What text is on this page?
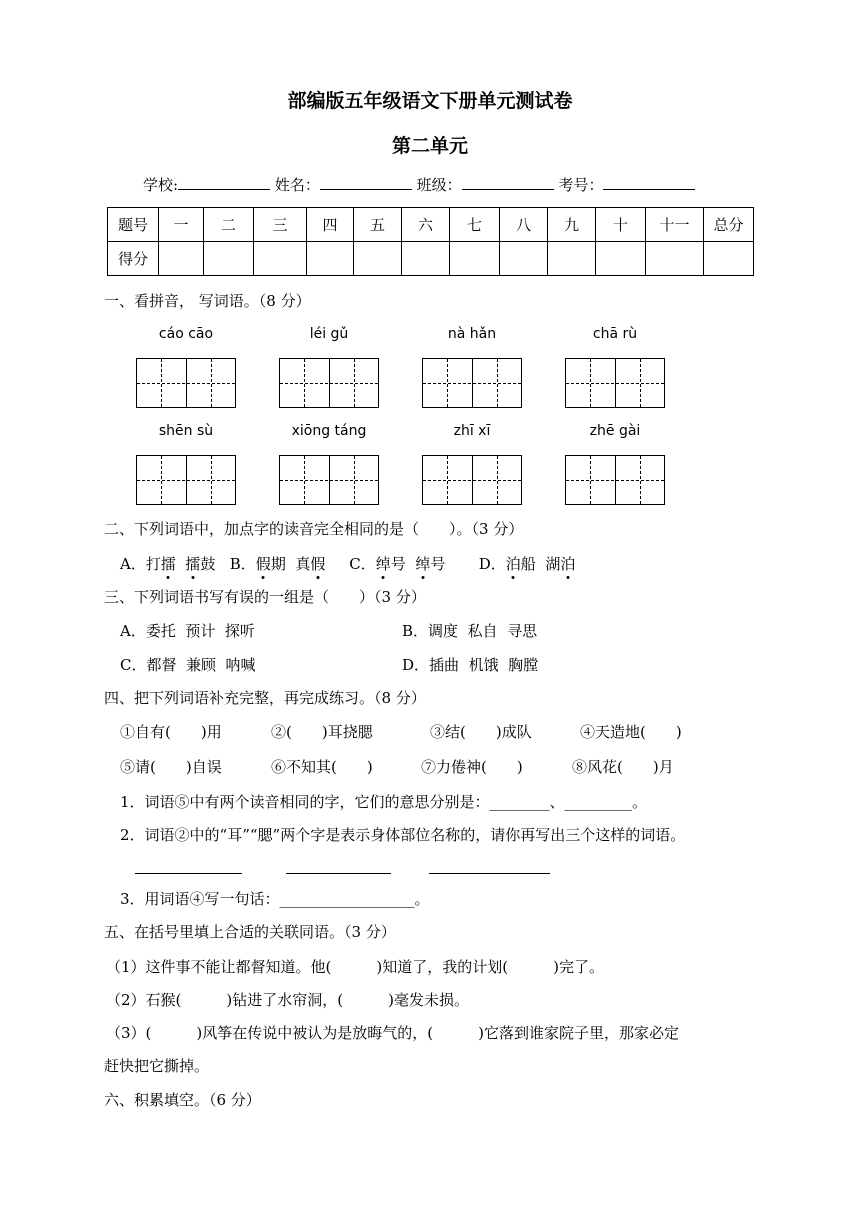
部编版五年级语文下册单元测试卷
第二单元
学校:	姓名：	班级：	考号：
题号	一	二	三	四	五	六	七	八	九	十	十一	总分
得分												
一、看拼音， 写词语。（8 分）
cáo cāo	léi gǔ	nà hǎn	chā rù
shēn sù	xiōng táng	zhī xī	zhē gài
二、下列词语中，加点字的读音完全相同的是（　　）。（3 分）
A．打擂 擂鼓 B．假期 真假 C．绰号 绰号 D．泊船 湖泊
三、下列词语书写有误的一组是（　　）（3 分）
A．委托  预计  探听	B．调度  私自  寻思
C．都督  兼顾  呐喊	D．插曲  机饿  胸膛
四、把下列词语补充完整，再完成练习。（8 分）
①自有(　　)用	②(　　)耳挠腮	③结(　　)成队	④天造地(　　)
⑤请(　　)自误	⑥不知其(　　)	⑦力倦神(　　)	⑧风花(　　)月
1．词语⑤中有两个读音相同的字，它们的意思分别是：________、_________。
2．词语②中的“耳”“腮”两个字是表示身体部位名称的，请你再写出三个这样的词语。
3．用词语④写一句话：__________________。
五、在括号里填上合适的关联同语。（3 分）
（1）这件事不能让都督知道。他(　　　)知道了，我的计划(　　　)完了。
（2）石猴(　　　)钻进了水帘洞，(　　　)毫发未损。
（3）(　　　)风筝在传说中被认为是放晦气的，(　　　)它落到谁家院子里，那家必定
赶快把它撕掉。
六、积累填空。（6 分）
